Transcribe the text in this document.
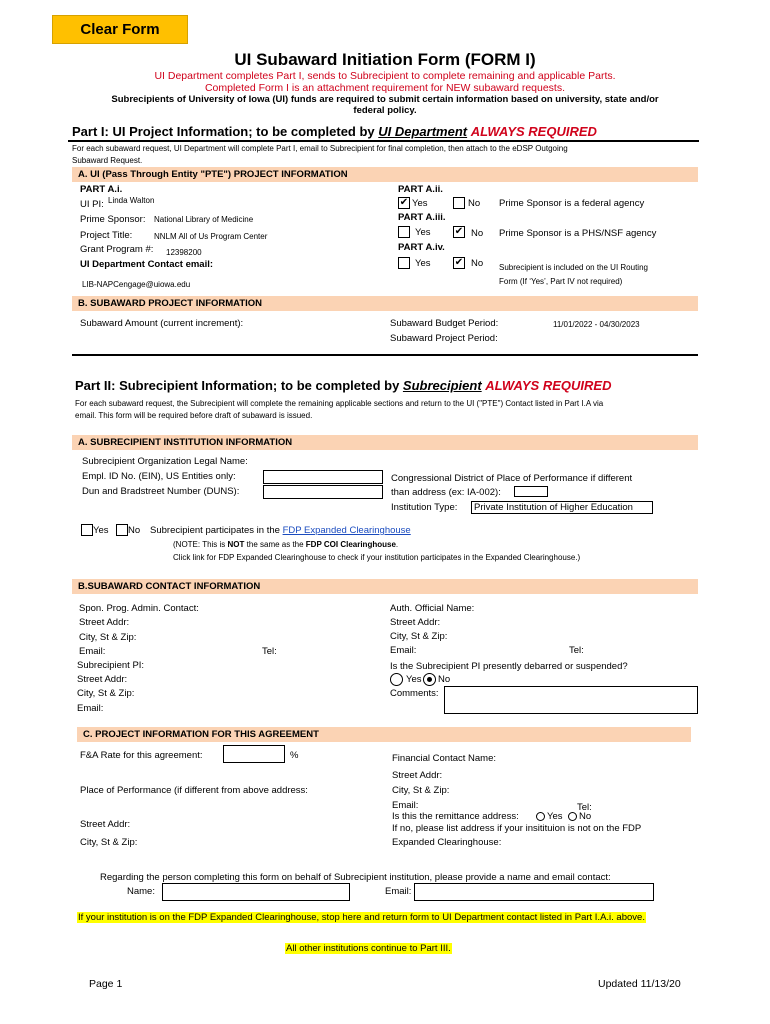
Clear Form
UI Subaward Initiation Form (FORM I)
UI Department completes Part I, sends to Subrecipient to complete remaining and applicable Parts.
Completed Form I is an attachment requirement for NEW subaward requests.
Subrecipients of University of Iowa (UI) funds are required to submit certain information based on university, state and/or
federal policy.
Part I: UI Project Information; to be completed by UI Department ALWAYS REQUIRED
For each subaward request, UI Department will complete Part I, email to Subrecipient for final completion, then attach to the eDSP Outgoing
Subaward Request.
A. UI (Pass Through Entity "PTE") PROJECT INFORMATION
PART A.i.
UI PI: Linda Walton
Prime Sponsor: National Library of Medicine
Project Title:	NNLM All of Us Program Center
Grant Program #: 12398200
UI Department Contact email:
LIB-NAPCengage@uiowa.edu
PART A.ii.
✔ Yes	No Prime Sponsor is a federal agency
PART A.iii.
Yes ✔ No Prime Sponsor is a PHS/NSF agency
PART A.iv.
Yes ✔ No Subrecipient is included on the UI Routing
Form (If ‘Yes’, Part IV not required)
B. SUBAWARD PROJECT INFORMATION
Subaward Amount (current increment):	Subaward Budget Period:	11/01/2022 - 04/30/2023
Subaward Project Period:
Part II: Subrecipient Information; to be completed by Subrecipient ALWAYS REQUIRED
For each subaward request, the Subrecipient will complete the remaining applicable sections and return to the UI ("PTE") Contact listed in Part I.A via
email. This form will be required before draft of subaward is issued.
A. SUBRECIPIENT INSTITUTION INFORMATION
Subrecipient Organization Legal Name:
Empl. ID No. (EIN), US Entities only:
Dun and Bradstreet Number (DUNS):
Congressional District of Place of Performance if different
than address (ex: IA-002):
Institution Type:	Private Institution of Higher Education
Yes No Subrecipient participates in the FDP Expanded Clearinghouse
(NOTE: This is NOT the same as the FDP COI Clearinghouse.
Click link for FDP Expanded Clearinghouse to check if your institution participates in the Expanded Clearinghouse.)
B.SUBAWARD CONTACT INFORMATION
Spon. Prog. Admin. Contact:
Street Addr:
City, St & Zip:
Email:	Tel:
Subrecipient PI:
Street Addr:
City, St & Zip:
Email:
Auth. Official Name:
Street Addr:
City, St & Zip:
Email:	Tel:
Is the Subrecipient PI presently debarred or suspended?
Yes No
Comments:
C. PROJECT INFORMATION FOR THIS AGREEMENT
F&A Rate for this agreement:	%
Place of Performance (if different from above address:
Street Addr:
City, St & Zip:
Financial Contact Name:
Street Addr:
City, St & Zip:
Email:	Tel:
Is this the remittance address:	Yes No
If no, please list address if your insitituion is not on the FDP
Expanded Clearinghouse:
Regarding the person completing this form on behalf of Subrecipient institution, please provide a name and email contact:
Name:	Email:
If your institution is on the FDP Expanded Clearinghouse, stop here and return form to UI Department contact listed in Part I.A.i. above.
All other institutions continue to Part III.
Page 1	Updated 11/13/20
